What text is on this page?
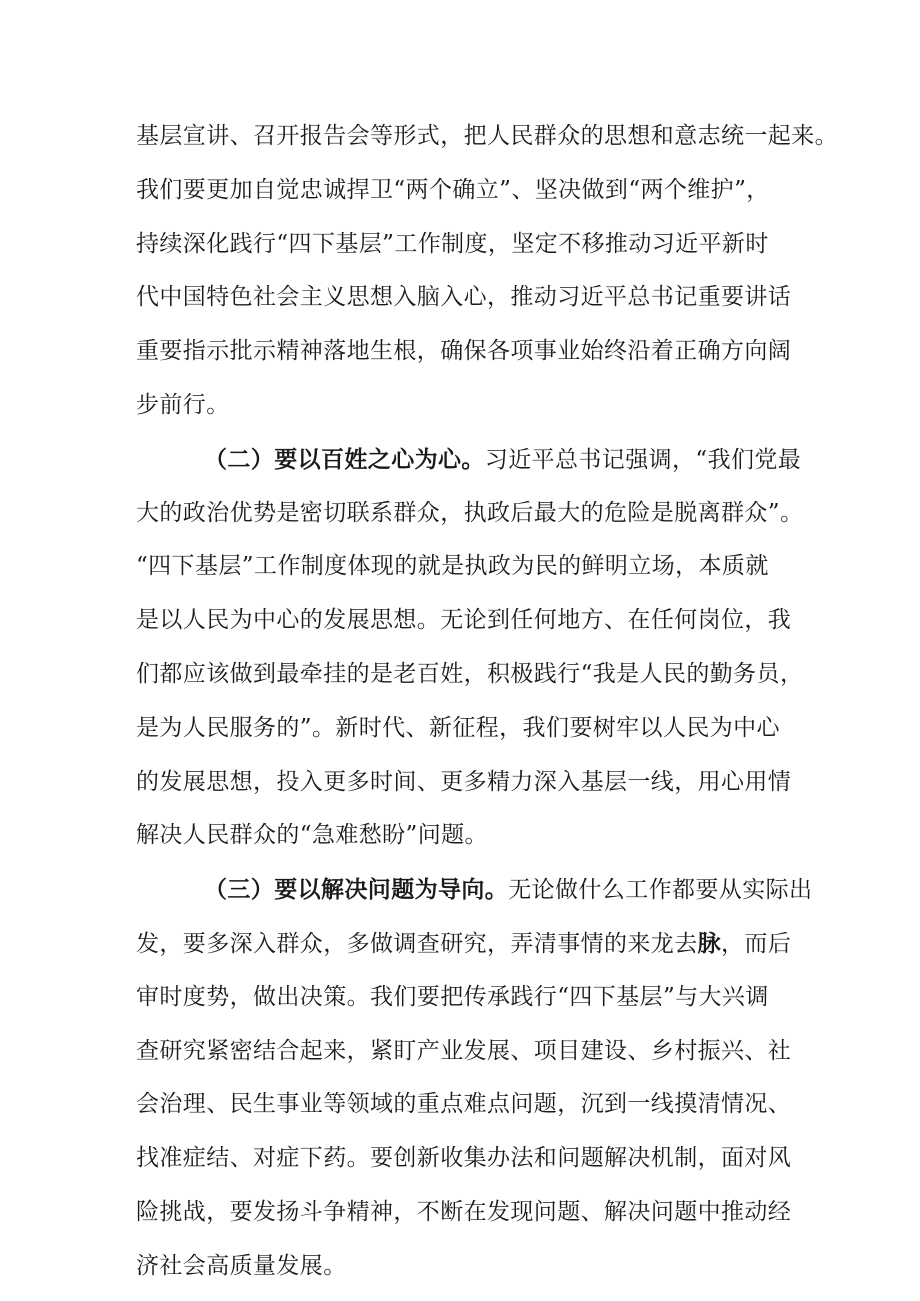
基层宣讲、召开报告会等形式，把人民群众的思想和意志统一起来。
我们要更加自觉忠诚捍卫“两个确立”、坚决做到“两个维护”，
持续深化践行“四下基层”工作制度，坚定不移推动习近平新时
代中国特色社会主义思想入脑入心，推动习近平总书记重要讲话
重要指示批示精神落地生根，确保各项事业始终沿着正确方向阔
步前行。
（二）要以百姓之心为心。习近平总书记强调，“我们党最
大的政治优势是密切联系群众，执政后最大的危险是脱离群众”。
“四下基层”工作制度体现的就是执政为民的鲜明立场，本质就
是以人民为中心的发展思想。无论到任何地方、在任何岗位，我
们都应该做到最牵挂的是老百姓，积极践行“我是人民的勤务员，
是为人民服务的”。新时代、新征程，我们要树牢以人民为中心
的发展思想，投入更多时间、更多精力深入基层一线，用心用情
解决人民群众的“急难愁盼”问题。
（三）要以解决问题为导向。无论做什么工作都要从实际出
发，要多深入群众，多做调查研究，弄清事情的来龙去脉，而后
审时度势，做出决策。我们要把传承践行“四下基层”与大兴调
查研究紧密结合起来，紧盯产业发展、项目建设、乡村振兴、社
会治理、民生事业等领域的重点难点问题，沉到一线摸清情况、
找准症结、对症下药。要创新收集办法和问题解决机制，面对风
险挑战，要发扬斗争精神，不断在发现问题、解决问题中推动经
济社会高质量发展。
